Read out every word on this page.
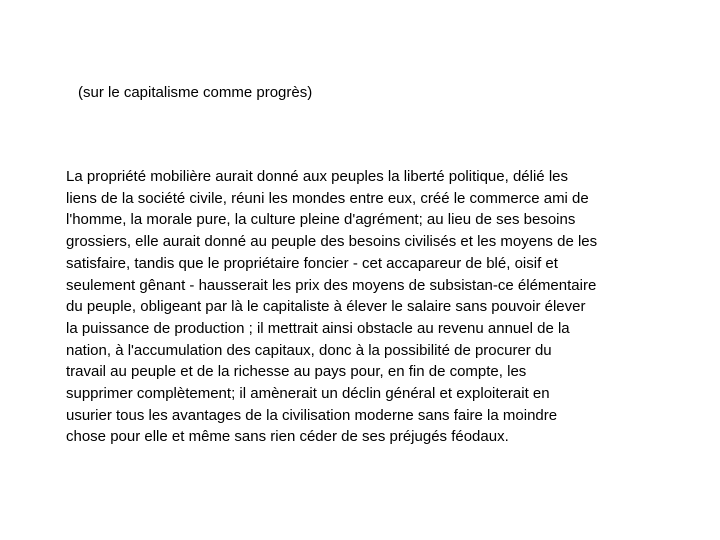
(sur le capitalisme comme progrès)
La propriété mobilière aurait donné aux peuples la liberté politique, délié les
liens de la société civile, réuni les mondes entre eux, créé le commerce ami de
l'homme, la morale pure, la culture pleine d'agrément; au lieu de ses besoins
grossiers, elle aurait donné au peuple des besoins civilisés et les moyens de les
satisfaire, tandis que le propriétaire foncier - cet accapareur de blé, oisif et
seulement gênant - hausserait les prix des moyens de subsistan-ce élémentaire
du peuple, obligeant par là le capitaliste à élever le salaire sans pouvoir élever
la puissance de production ; il mettrait ainsi obstacle au revenu annuel de la
nation, à l'accumulation des capitaux, donc à la possibilité de procurer du
travail au peuple et de la richesse au pays pour, en fin de compte, les
supprimer complètement; il amènerait un déclin général et exploiterait en
usurier tous les avantages de la civilisation moderne sans faire la moindre
chose pour elle et même sans rien céder de ses préjugés féodaux.
